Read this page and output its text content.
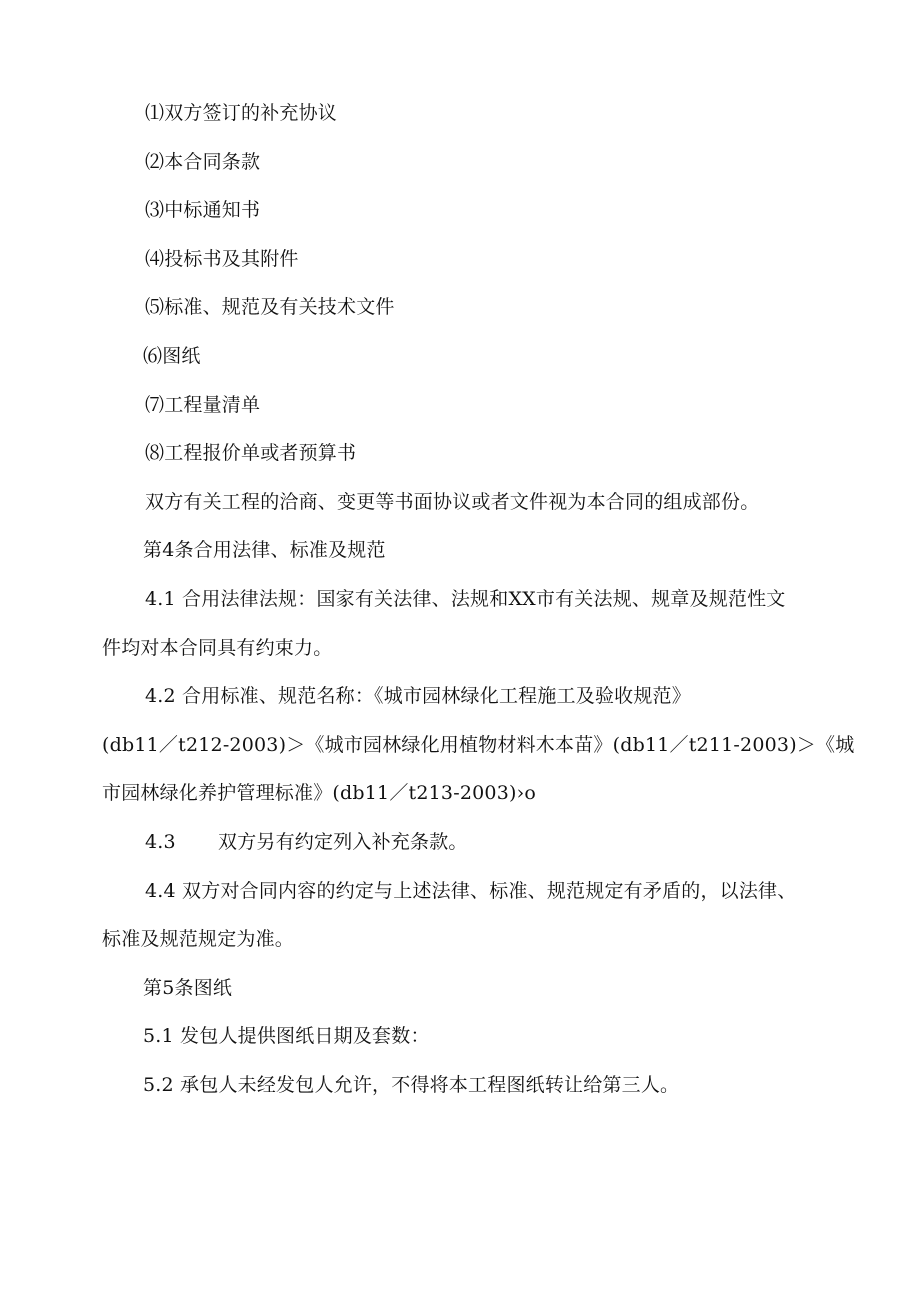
⑴双方签订的补充协议
⑵本合同条款
⑶中标通知书
⑷投标书及其附件
⑸标准、规范及有关技术文件
⑹图纸
⑺工程量清单
⑻工程报价单或者预算书
双方有关工程的洽商、变更等书面协议或者文件视为本合同的组成部份。
第4条合用法律、标准及规范
4.1 合用法律法规：国家有关法律、法规和XX市有关法规、规章及规范性文
件均对本合同具有约束力。
4.2 合用标准、规范名称：《城市园林绿化工程施工及验收规范》
(db11／t212-2003)＞《城市园林绿化用植物材料木本苗》(db11／t211-2003)＞《城
市园林绿化养护管理标准》(db11／t213-2003)›o
4.3 双方另有约定列入补充条款。
4.4 双方对合同内容的约定与上述法律、标准、规范规定有矛盾的，以法律、
标准及规范规定为准。
第5条图纸
5.1 发包人提供图纸日期及套数：
5.2 承包人未经发包人允许，不得将本工程图纸转让给第三人。
